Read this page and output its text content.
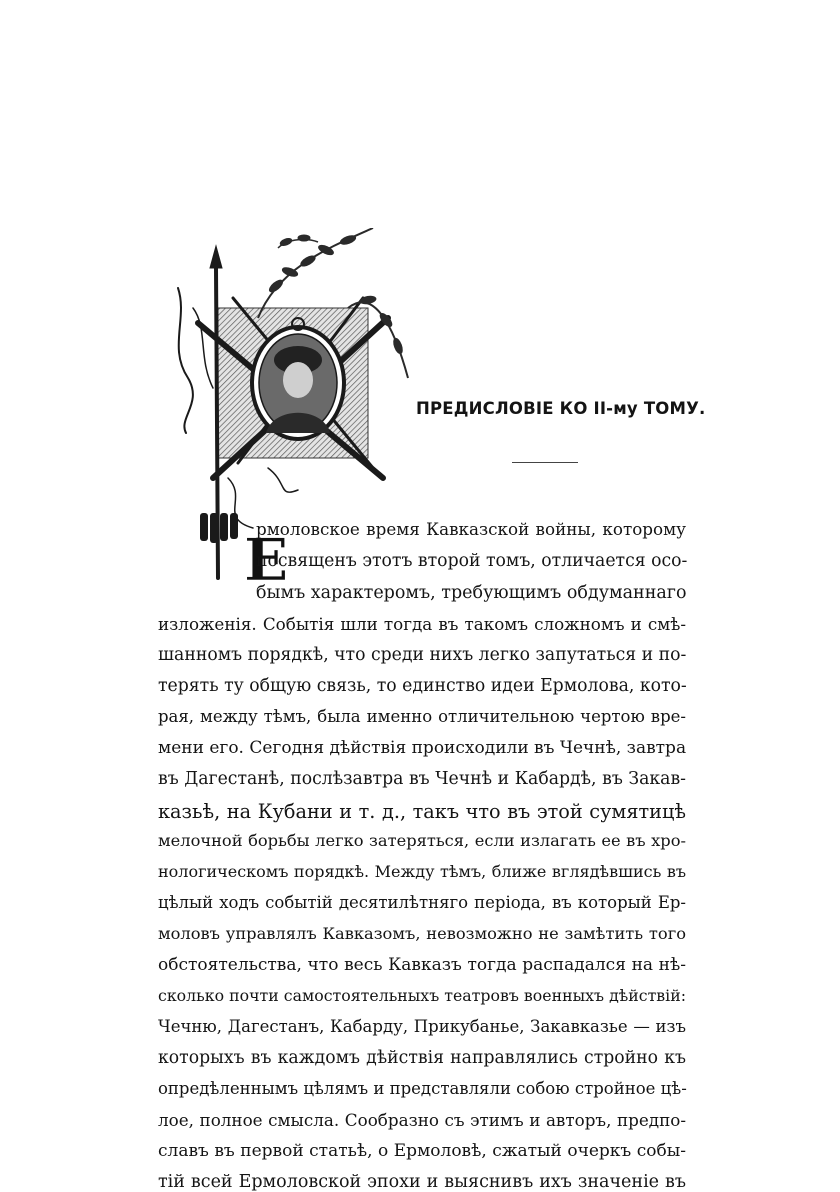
Е
ПРЕДИСЛОВІЕ КО ІІ-му ТОМУ.
рмоловское время Кавказской войны, которому
посвященъ этотъ второй томъ, отличается осо-
бымъ характеромъ, требующимъ обдуманнаго
изложенія. Событія шли тогда въ такомъ сложномъ и смѣ-
шанномъ порядкѣ, что среди нихъ легко запутаться и по-
терять ту общую связь, то единство идеи Ермолова, кото-
рая, между тѣмъ, была именно отличительною чертою вре-
мени его. Сегодня дѣйствія происходили въ Чечнѣ, завтра
въ Дагестанѣ, послѣзавтра въ Чечнѣ и Кабардѣ, въ Закав-
казьѣ, на Кубани и т. д., такъ что въ этой сумятицѣ
мелочной борьбы легко затеряться, если излагать ее въ хро-
нологическомъ порядкѣ. Между тѣмъ, ближе вглядѣвшись въ
цѣлый ходъ событій десятилѣтняго періода, въ который Ер-
моловъ управлялъ Кавказомъ, невозможно не замѣтить того
обстоятельства, что весь Кавказъ тогда распадался на нѣ-
сколько почти самостоятельныхъ театровъ военныхъ дѣйствій:
Чечню, Дагестанъ, Кабарду, Прикубанье, Закавказье — изъ
которыхъ въ каждомъ дѣйствія направлялись стройно къ
опредѣленнымъ цѣлямъ и представляли собою стройное цѣ-
лое, полное смысла. Сообразно съ этимъ и авторъ, предпо-
славъ въ первой статьѣ, о Ермоловѣ, сжатый очеркъ собы-
тій всей Ермоловской эпохи и выяснивъ ихъ значеніе въ
